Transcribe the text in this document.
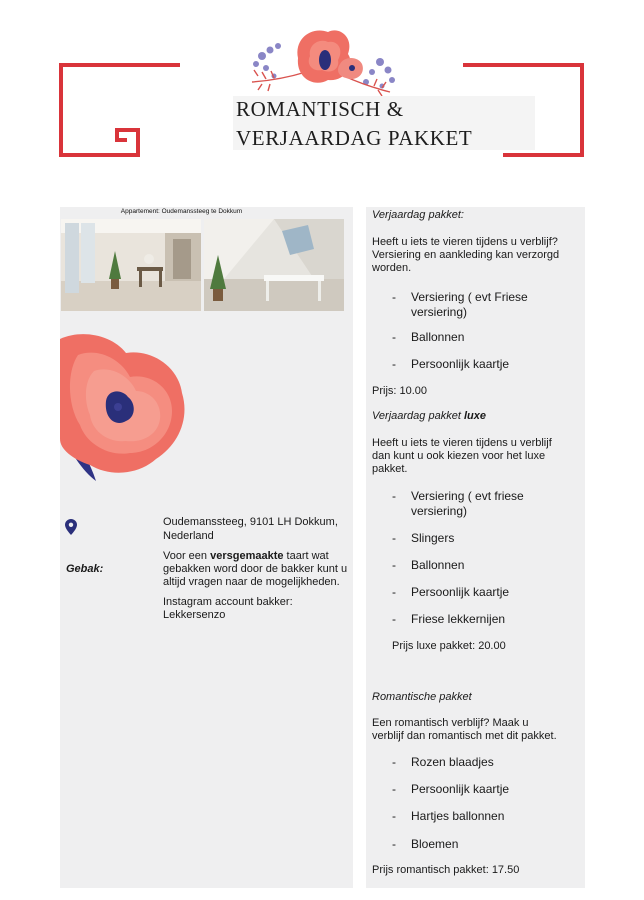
ROMANTISCH &
VERJAARDAG PAKKET
Appartement: Oudemanssteeg te Dokkum
Oudemanssteeg, 9101 LH Dokkum,
Nederland
Gebak:
Voor een versgemaakte taart wat
gebakken word door de bakker kunt u
altijd vragen naar de mogelijkheden.
Instagram account bakker:
Lekkersenzo
Verjaardag pakket:
Heeft u iets te vieren tijdens u verblijf?
Versiering en aankleding kan verzorgd
worden.
- Versiering ( evt Friese
versiering)
- Ballonnen
- Persoonlijk kaartje
Prijs: 10.00
Verjaardag pakket luxe
Heeft u iets te vieren tijdens u verblijf
dan kunt u ook kiezen voor het luxe
pakket.
- Versiering ( evt friese
versiering)
- Slingers
- Ballonnen
- Persoonlijk kaartje
- Friese lekkernijen
Prijs luxe pakket: 20.00
Romantische pakket
Een romantisch verblijf? Maak u
verblijf dan romantisch met dit pakket.
- Rozen blaadjes
- Persoonlijk kaartje
- Hartjes ballonnen
- Bloemen
Prijs romantisch pakket: 17.50
